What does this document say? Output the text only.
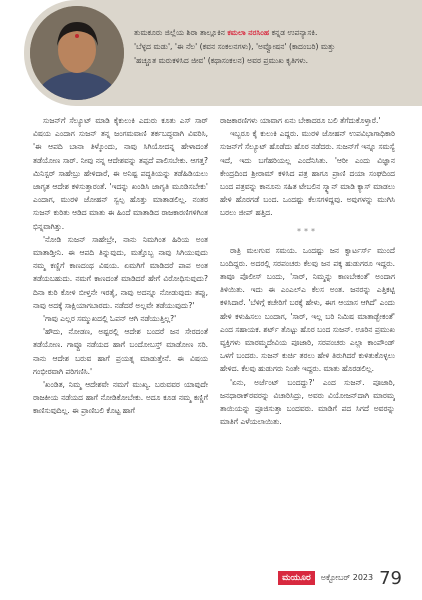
ತುಮಕೂರು ಜಿಲ್ಲೆಯ ಶಿರಾ ತಾಲ್ಲೂಕಿನ ಕಮಲಾ ನರಸಿಂಹ ಕನ್ನಡ ಉಪನ್ಯಾಸಕಿ.
'ಬೆಳ್ಳದ ಮಡು', 'ಈ ನೆಲ' (ಕವನ ಸಂಕಲನಗಳು), 'ಅವ್ವೋಷನ' (ಕಾದಂಬರಿ) ಮತ್ತು
'ಹಚ್ಚೂತ ಮರುಕಳಿಸಿದ ಜೀವ' (ಕಥಾಸಂಕಲನ) ಅವರ ಪ್ರಮುಖ ಕೃತಿಗಳು.

ಸುಜನ್‌ಗೆ ಸೆಲ್ಯೂಟ್ ಮಾಡಿ ಕೈಕುಲುಕಿ ಎದುರು ಕೂತು ಎಸ್ ಸಾರ್ ವಿಷಯ ಎಂದಾಗ ಸುಜನ್ ತನ್ನ ಜಂಗಮವಾಣಿ ತರ್ಕಬದ್ಧವಾಗಿ ವಿವರಿಸಿ, 'ಈ ಆಪದಿ ಬಾನಾ ತಿಳ್ಕೊಂದು, ನಾವು ಸಿಗಿಯೋದನ್ನ ಹೇಳಾದಂತೆ ತಡೆಯೋಣ ಸಾರ್. ನೀವು ನನ್ನ ಆದೇಶವನ್ನು ತಪ್ಪದೆ ಪಾಲಿಸಬೇಕು. ಆಗತ್ತ? ಮಿನಿಸ್ಟರ್ ಸಾಹೇಬ್ರು ಹೇಳಿದಾರೆ, ಈ ಅನಿಷ್ಟ ಪದ್ಧತಿಯನ್ನು ತಡೆಹಿಡಿಯಲು ಜಾಗೃತ ಆದೇಶ ಕಳಿಸುತ್ತಾರಂತೆ. 'ಇದನ್ನು ಖಂಡಿಸಿ ಜಾಗೃತಿ ಮೂಡಿಸಬೇಕು' ಎಂದಾಗ, ಮುರಳಿ ಜೋಹನ್ ಸ್ವಲ್ಪ ಹೊತ್ತು ಮಾತಾಡಲಿಲ್ಲ. ನಂತರ ಸುಜನ್ ಕುರಿತು ಆಡಿದ ಮಾತು ಈ ಹಿಂದೆ ಮಾತಾಡಿದ ರಾಜಕಾರಣಿಗಳಿಗಿಂತ ಭಿನ್ನವಾಗಿತ್ತು.

'ನೋಡಿ ಸುಜನ್ ಸಾಹೇಬ್ರೇ, ನಾನು ನಿಮಗಿಂತ ಹಿರಿಯ ಅಂತ ಮಾತಾಡ್ತೀನಿ. ಈ ಆಪದಿ ತಿನ್ನುವುದು, ಮತ್ತೊಬ್ಬ ನಾವು ಸಿಗಿಯುವುದು ನಮ್ಮ ಕಣ್ಣಿಗೆ ಕಾಣದಂಥ ವಿಷಯ. ಏಮಗಿಗೆ ಮಾಡಿದರೆ ಪಾಪ ಅಂತ ತಡೆಯಬಹುದು. ನಮಗೆ ಕಾಣದಂತೆ ಮಾಡಿದರೆ ಹೇಗೆ ವಿರೋಧಿಸುವುದು? ದಿನಾ ಕುರಿ ಕೋಳಿ ಬೀಳ್ತನೇ ಇರತೈ, ನಾವು ಅದನ್ನೂ ನೋಡುವುದು ತಪ್ಪು, ನಾವು ಅದಕ್ಕೆ ಸಾಕ್ಷಿಯಾಗಬಾರದು. ನಡೆದರೆ ಅಲ್ಲವೇ ತಡೆಯುವುದು?'

'ಗಾವು ಎಲ್ಲರ ಸಮ್ಮುಖದಲ್ಲಿ ಓಪನ್ ಆಗಿ ನಡೆಯುತ್ತಿಲ್ಲ?'

'ಹೌದು, ನೋಡಣ, ಅಷ್ಟರಲ್ಲಿ ಆದೇಶ ಬಂದರೆ ಜನ ಸೇರದಂತೆ ತಡೆಯೋಣ. ಗಾವ್ದೂ ನಡೆಯದ ಹಾಗೆ ಬಂದೋಬಸ್ತ್ ಮಾಡೋಣ ಸರಿ. ನಾನು ಆದೇಶ ಬರುವ ಹಾಗೆ ಪ್ರಯತ್ನ ಮಾಡುತ್ತೇನೆ. ಈ ವಿಷಯ ಗಂಭೀರವಾಗಿ ಪರಿಗಣಿಸಿ.'

'ಖಂಡಿತ, ನಿಮ್ಮ ಆದೇಶವೇ ನಮಗೆ ಮುಖ್ಯ. ಬರುವವರ ಯಾವುದೇ ರಾಜಕೀಯ ನಡೆಯದ ಹಾಗೆ ನೋಡಿಕೋಬೇಕು. ಅದೂ ಕೂಡ ನಮ್ಮ ಕಣ್ಣಿಗೆ ಕಾಣಿಸುವುದಿಲ್ಲ. ಈ ಪ್ರಾಣಿಬಲಿ ಕೊಟ್ಟ ಹಾಗೆ

ರಾಜಕಾರಣಿಗಳು ಯಾವಾಗ ಏನು ಬೇಕಾದರೂ ಬಲಿ ತೆಗೆದುಕೊಳ್ತಾರೆ.'

ಇಬ್ಬರೂ ಕೈ ಕುಲುಕಿ ಎದ್ದರು. ಮುರಳಿ ಜೋಹನ್ ಉಪವಿಭಾಗಾಧಿಕಾರಿ ಸುಜನ್‌ಗೆ ಸೆಲ್ಯೂಟ್ ಹೊಡೆದು ಹೊರ ನಡೆದರು. ಸುಜನ್‌ಗೆ ಇನ್ನೂ ಸಮಸ್ಯೆ ಇದೆ, ಇದು ಬಗೆಹರಿಯಲ್ಲ ಎಂದೆನಿಸಿತು. 'ಆರೀ ಎಂದು ವಿಜ್ಞಾನ ಕೇಂದ್ರದಿಂದ ಶ್ರೀರಾಮ್ ಕಳಿಸಿದ ಪತ್ರ ಹಾಗೂ ಪ್ರಾಣಿ ದಯಾ ಸಂಘದಿಂದ ಬಂದ ಪತ್ರವನ್ನು ಕಾನೂನು ಸಹಿತ ಟೇಬಲಿನ ಸ್ಕ್ಯಾನ್ ಮಾಡಿ ಕ್ಯಾಸ್ ಮಾಡಲು ಹೇಳಿ ಹೊರಗಡೆ ಬಂದ. ಒಂದಷ್ಟು ಕೆಲಸಗಳಿದ್ದವು. ಅವುಗಳನ್ನು ಮುಗಿಸಿ ಬರಲು ಜೀಪ್ ಹತ್ತಿದ.

***

ರಾತ್ರಿ ಮಲಗುವ ಸಮಯ. ಒಂದಷ್ಟು ಜನ ಕ್ವಾರ್ಟರ್ಸ್ ಮುಂದೆ ಬಂದಿದ್ದರು. ಅದರಲ್ಲಿ ಸರಪಂಚರು ಕೆಲವು ಜನ ಪಕ್ಕ ಹುಡುಗರೂ ಇದ್ದರು. ತಾವೂ ಪೊಲೀಸ್ ಬಂದು, 'ಸಾರ್, ನಿಮ್ಮನ್ನು ಕಾಣಬೇಕಂತೆ' ಅಂದಾಗ ತಿಳಿಯಿತು. ಇದು ಈ ಎಂಎಲ್‌ಎ ಕೆಲಸ ಅಂತ. ಜನರನ್ನು ಎತ್ತಿಕಟ್ಟಿ ಕಳಿಸಿದಾರೆ. 'ಬೆಳಿಗ್ಗೆ ಕಚೇರಿಗೆ ಬರಕ್ಕೆ ಹೇಳು, ಈಗ ಆಯಾಸ ಆಗಿದೆ' ಎಂದು ಹೇಳಿ ಕಳುಹಿಸಲು ಬಂದಾಗ, 'ಸಾರ್, ಇಲ್ಲ ಬರಿ ನಿಮಿಷ ಮಾತಾಡ್ಬೇಕಂತೆ' ಎಂದ ಸಹಾಯಕ. ಶರ್ಟ್ ತೊಟ್ಟು ಹೊರ ಬಂದ ಸುಜನ್. ಊರಿನ ಪ್ರಮುಖ ವ್ಯಕ್ತಿಗಳು ಮಾರಮ್ಮದೇವಿಯ ಪೂಜಾರಿ, ಸರಪಂಚರು ಎಲ್ಲಾ ಕಾಂಪೌಂಡ್ ಒಳಗೆ ಬಂದರು. ಸುಜನ್ ಕುರ್ಚಿ ತರಲು ಹೇಳಿ ತಿರುಗಿದರೆ ಕುಳಿತುಕೊಳ್ಳಲು ಹೇಳಿದ. ಕೆಲವು ಹುಡುಗರು ನಿಂತೇ ಇದ್ದರು. ಮಾತು ಹೊರಡಲಿಲ್ಲ.

'ಏನು, ಅರ್ಜೆಂಟ್ ಬಂದದ್ದು?' ಎಂದ ಸುಜನ್. ಪೂಜಾರಿ, ಜನಧಾರಾಕ್‌ರವರನ್ನು ವಿಚಾರಿಸಿದ್ರು, ಅವರು ವಿಯೋಜನ್‌ದಾಗಿ ಮಾರಮ್ಮ ತಾಯಿಯನ್ನು ಪ್ರೂಜಿಸುತ್ತಾ ಬಂದವರು. ಮಾಡಿಗೆ ಪದ ಸಿಗದೆ ಅವರನ್ನು ಮಾತಿಗೆ ಎಳೆಯಲಾಯಿತು.

ಮಯೂರ	ಅಕ್ಟೋಬರ್ 2023 79
